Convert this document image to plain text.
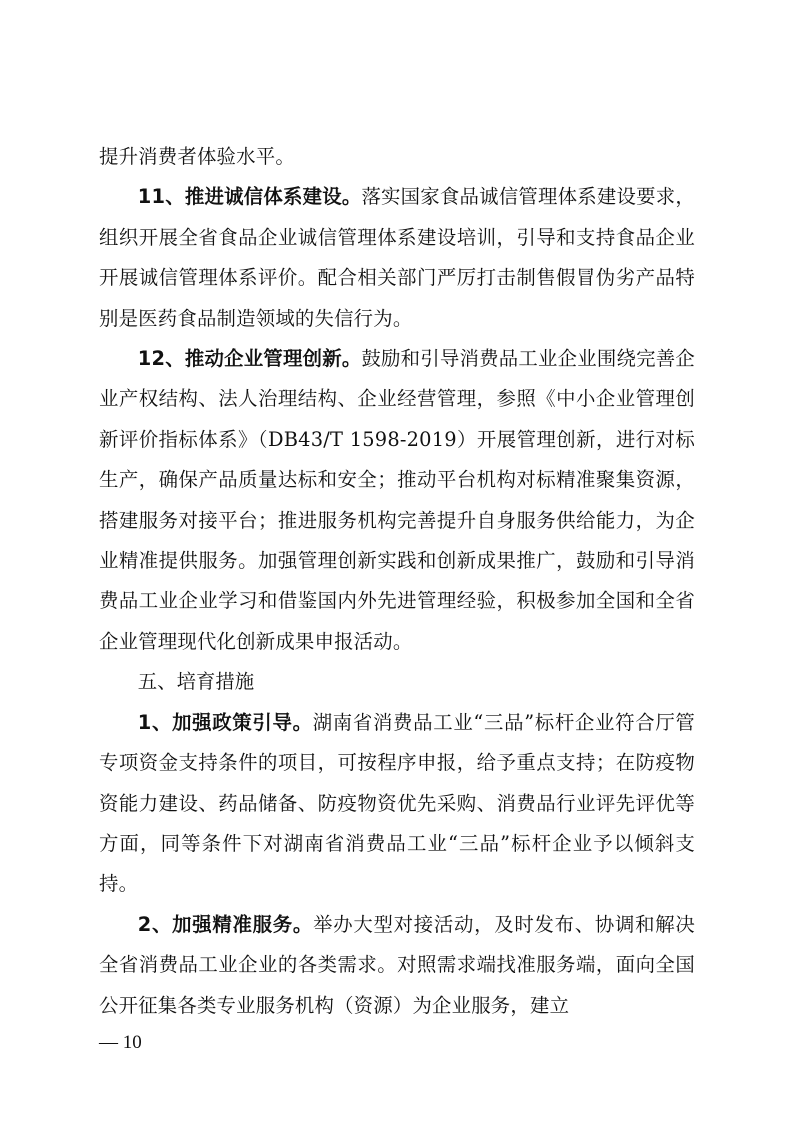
提升消费者体验水平。

11、推进诚信体系建设。落实国家食品诚信管理体系建设要求，组织开展全省食品企业诚信管理体系建设培训，引导和支持食品企业开展诚信管理体系评价。配合相关部门严厉打击制售假冒伪劣产品特别是医药食品制造领域的失信行为。

12、推动企业管理创新。鼓励和引导消费品工业企业围绕完善企业产权结构、法人治理结构、企业经营管理，参照《中小企业管理创新评价指标体系》（DB43/T 1598-2019）开展管理创新，进行对标生产，确保产品质量达标和安全；推动平台机构对标精准聚集资源，搭建服务对接平台；推进服务机构完善提升自身服务供给能力，为企业精准提供服务。加强管理创新实践和创新成果推广，鼓励和引导消费品工业企业学习和借鉴国内外先进管理经验，积极参加全国和全省企业管理现代化创新成果申报活动。

五、培育措施

1、加强政策引导。湖南省消费品工业“三品”标杆企业符合厅管专项资金支持条件的项目，可按程序申报，给予重点支持；在防疫物资能力建设、药品储备、防疫物资优先采购、消费品行业评先评优等方面，同等条件下对湖南省消费品工业“三品”标杆企业予以倾斜支持。

2、加强精准服务。举办大型对接活动，及时发布、协调和解决全省消费品工业企业的各类需求。对照需求端找准服务端，面向全国公开征集各类专业服务机构（资源）为企业服务，建立

— 10
